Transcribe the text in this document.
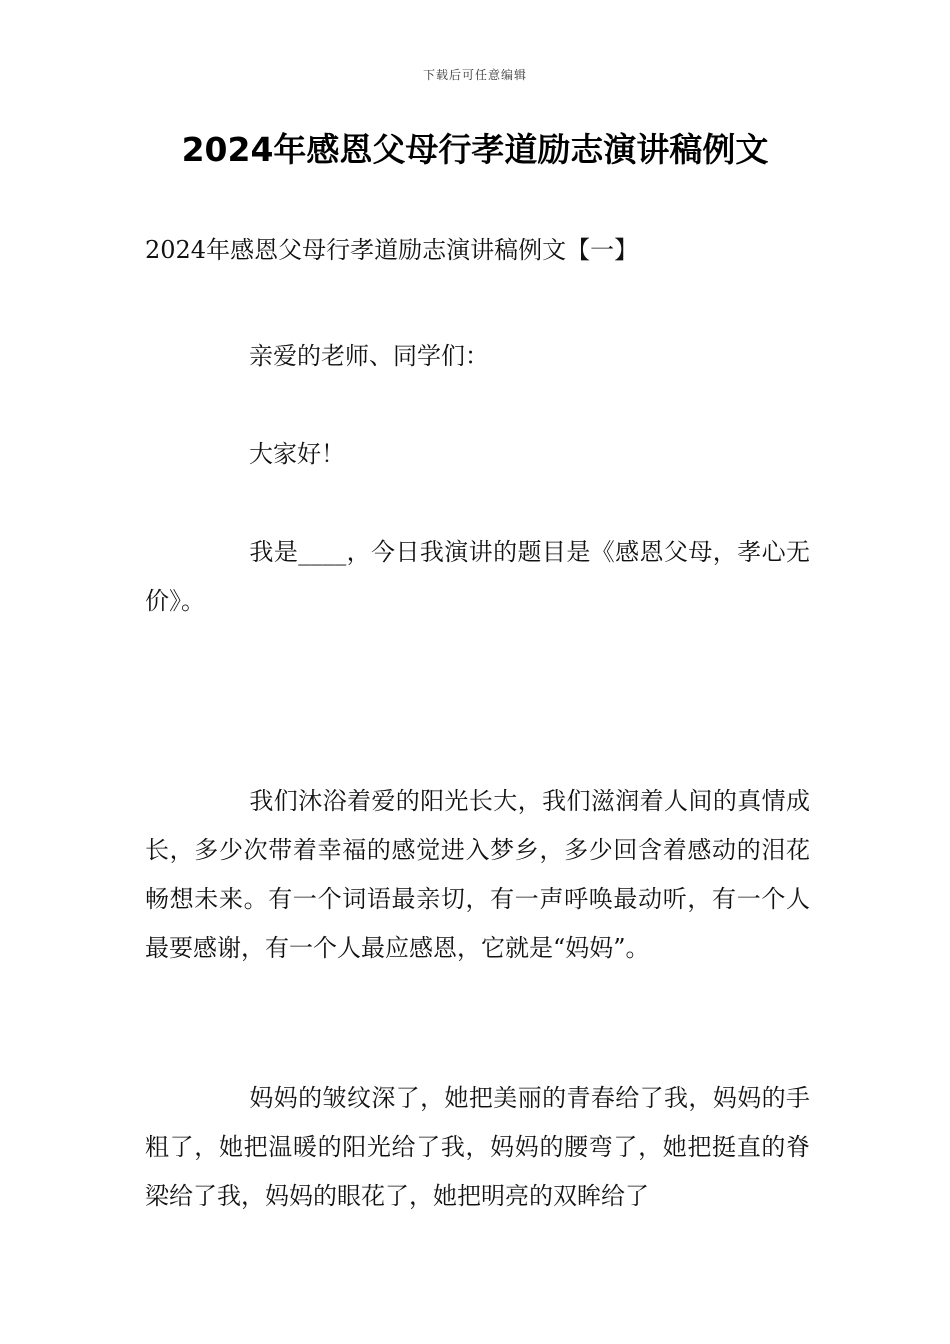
下载后可任意编辑
2024年感恩父母行孝道励志演讲稿例文
2024年感恩父母行孝道励志演讲稿例文【一】

亲爱的老师、同学们：

大家好！

我是____，今日我演讲的题目是《感恩父母，孝心无价》。

我们沐浴着爱的阳光长大，我们滋润着人间的真情成长，多少次带着幸福的感觉进入梦乡，多少回含着感动的泪花畅想未来。有一个词语最亲切，有一声呼唤最动听，有一个人最要感谢，有一个人最应感恩，它就是“妈妈”。

妈妈的皱纹深了，她把美丽的青春给了我，妈妈的手粗了，她把温暖的阳光给了我，妈妈的腰弯了，她把挺直的脊梁给了我，妈妈的眼花了，她把明亮的双眸给了
